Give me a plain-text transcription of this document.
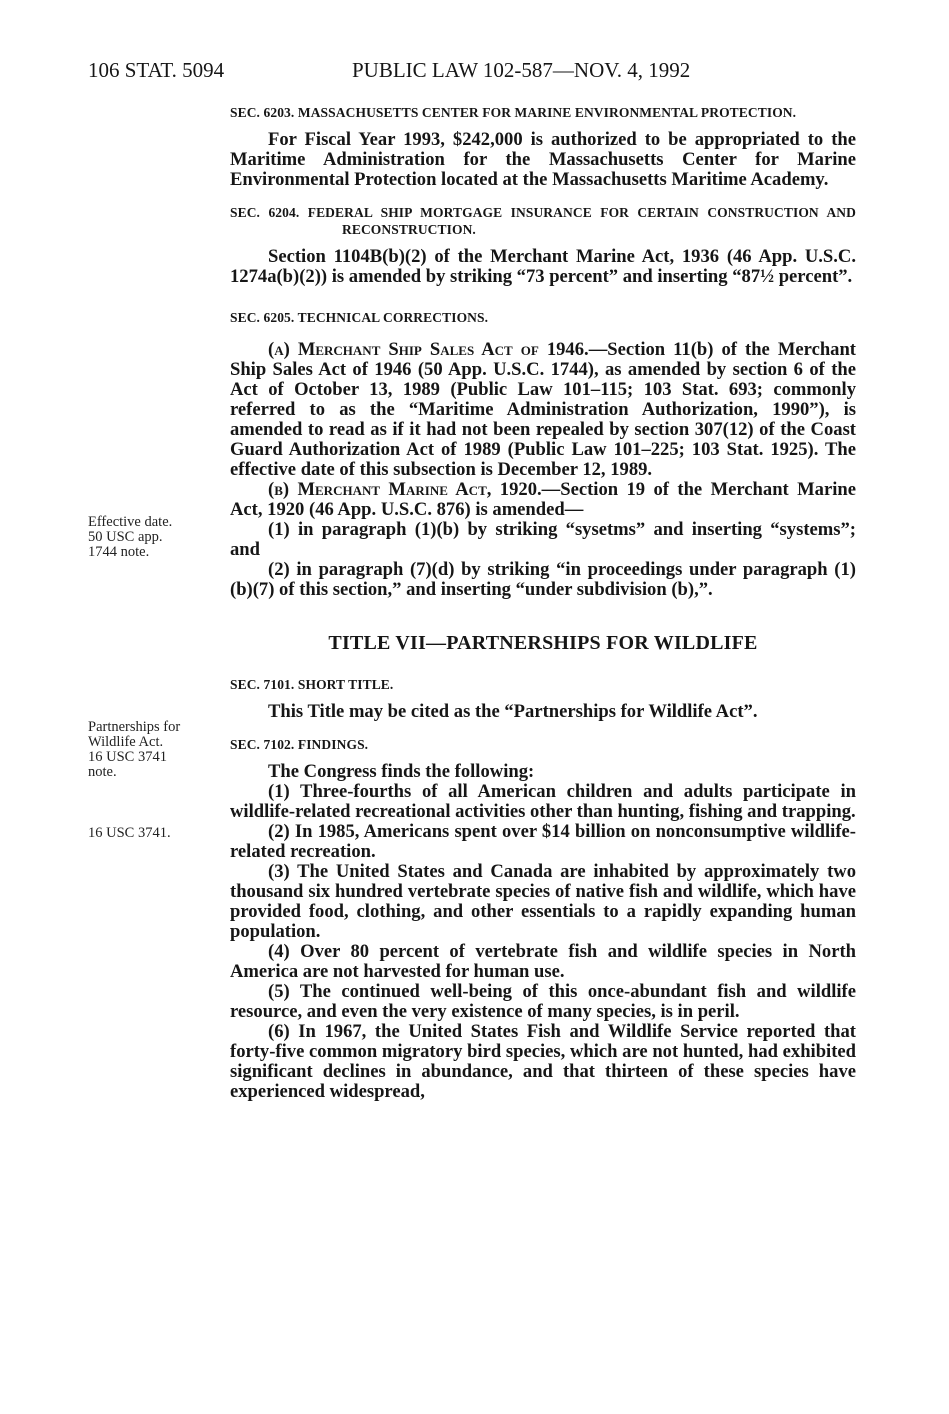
106 STAT. 5094	PUBLIC LAW 102-587—NOV. 4, 1992
Effective date.
50 USC app.
1744 note.
Partnerships for
Wildlife Act.
16 USC 3741
note.
16 USC 3741.

SEC. 6203. MASSACHUSETTS CENTER FOR MARINE ENVIRONMENTAL PROTECTION.

For Fiscal Year 1993, $242,000 is authorized to be appropriated to the Maritime Administration for the Massachusetts Center for Marine Environmental Protection located at the Massachusetts Maritime Academy.

SEC. 6204. FEDERAL SHIP MORTGAGE INSURANCE FOR CERTAIN CONSTRUCTION AND RECONSTRUCTION.

Section 1104B(b)(2) of the Merchant Marine Act, 1936 (46 App. U.S.C. 1274a(b)(2)) is amended by striking “73 percent” and inserting “87½ percent”.

SEC. 6205. TECHNICAL CORRECTIONS.

(a) Merchant Ship Sales Act of 1946.—Section 11(b) of the Merchant Ship Sales Act of 1946 (50 App. U.S.C. 1744), as amended by section 6 of the Act of October 13, 1989 (Public Law 101–115; 103 Stat. 693; commonly referred to as the “Maritime Administration Authorization, 1990”), is amended to read as if it had not been repealed by section 307(12) of the Coast Guard Authorization Act of 1989 (Public Law 101–225; 103 Stat. 1925). The effective date of this subsection is December 12, 1989.

(b) Merchant Marine Act, 1920.—Section 19 of the Merchant Marine Act, 1920 (46 App. U.S.C. 876) is amended—

(1) in paragraph (1)(b) by striking “sysetms” and inserting “systems”; and

(2) in paragraph (7)(d) by striking “in proceedings under paragraph (1)(b)(7) of this section,” and inserting “under subdivision (b),”.

TITLE VII—PARTNERSHIPS FOR WILDLIFE

SEC. 7101. SHORT TITLE.

This Title may be cited as the “Partnerships for Wildlife Act”.

SEC. 7102. FINDINGS.

The Congress finds the following:

(1) Three-fourths of all American children and adults participate in wildlife-related recreational activities other than hunting, fishing and trapping.

(2) In 1985, Americans spent over $14 billion on nonconsumptive wildlife-related recreation.

(3) The United States and Canada are inhabited by approximately two thousand six hundred vertebrate species of native fish and wildlife, which have provided food, clothing, and other essentials to a rapidly expanding human population.

(4) Over 80 percent of vertebrate fish and wildlife species in North America are not harvested for human use.

(5) The continued well-being of this once-abundant fish and wildlife resource, and even the very existence of many species, is in peril.

(6) In 1967, the United States Fish and Wildlife Service reported that forty-five common migratory bird species, which are not hunted, had exhibited significant declines in abundance, and that thirteen of these species have experienced widespread,
